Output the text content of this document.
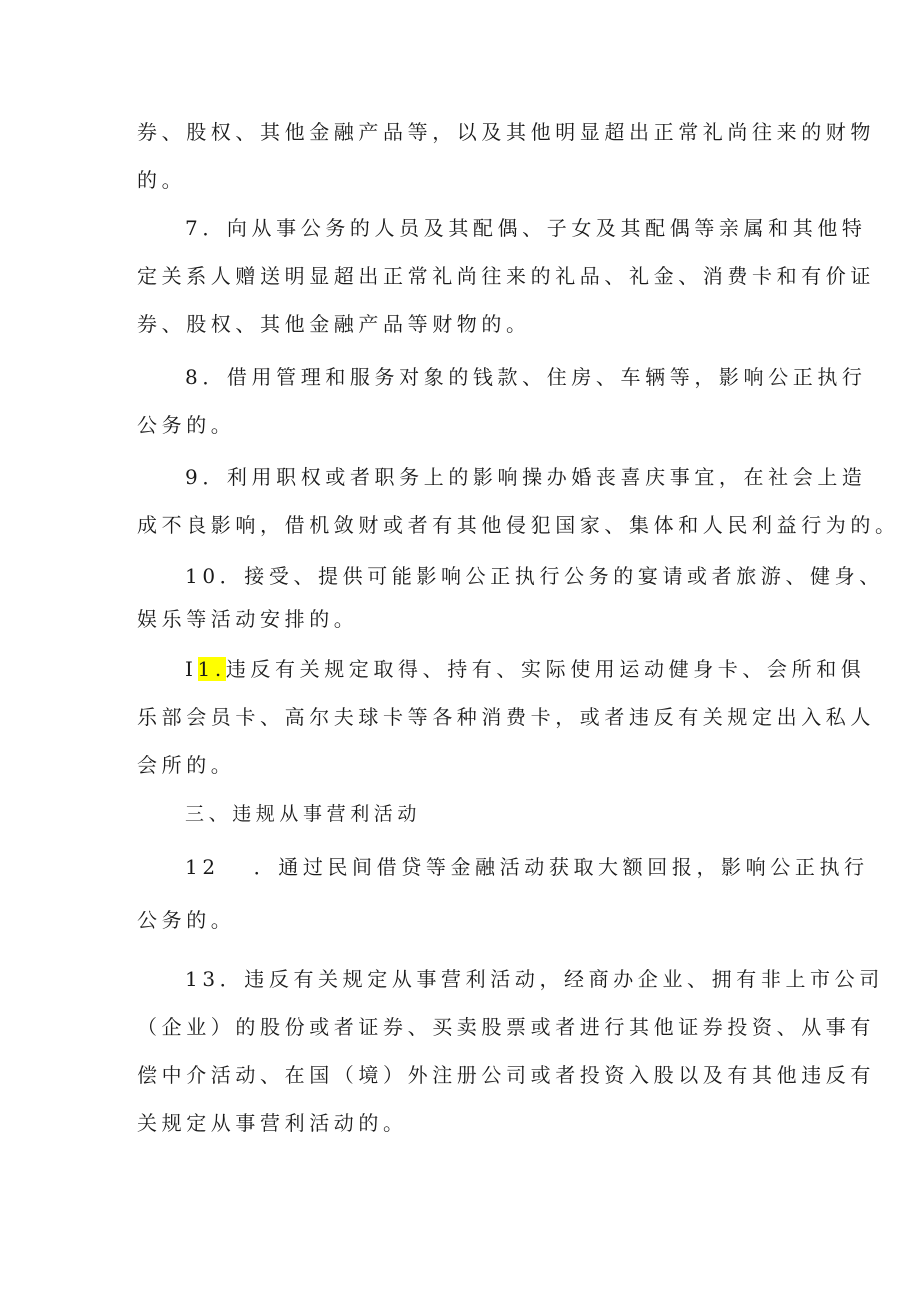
券、股权、其他金融产品等，以及其他明显超出正常礼尚往来的财物
的。
7．向从事公务的人员及其配偶、子女及其配偶等亲属和其他特
定关系人赠送明显超出正常礼尚往来的礼品、礼金、消费卡和有价证
券、股权、其他金融产品等财物的。
8．借用管理和服务对象的钱款、住房、车辆等，影响公正执行
公务的。
9．利用职权或者职务上的影响操办婚丧喜庆事宜，在社会上造
成不良影响，借机敛财或者有其他侵犯国家、集体和人民利益行为的。
10．接受、提供可能影响公正执行公务的宴请或者旅游、健身、
娱乐等活动安排的。
I1.违反有关规定取得、持有、实际使用运动健身卡、会所和俱
乐部会员卡、高尔夫球卡等各种消费卡，或者违反有关规定出入私人
会所的。
三、违规从事营利活动
12 ．通过民间借贷等金融活动获取大额回报，影响公正执行
公务的。
13．违反有关规定从事营利活动，经商办企业、拥有非上市公司
（企业）的股份或者证券、买卖股票或者进行其他证券投资、从事有
偿中介活动、在国（境）外注册公司或者投资入股以及有其他违反有
关规定从事营利活动的。
